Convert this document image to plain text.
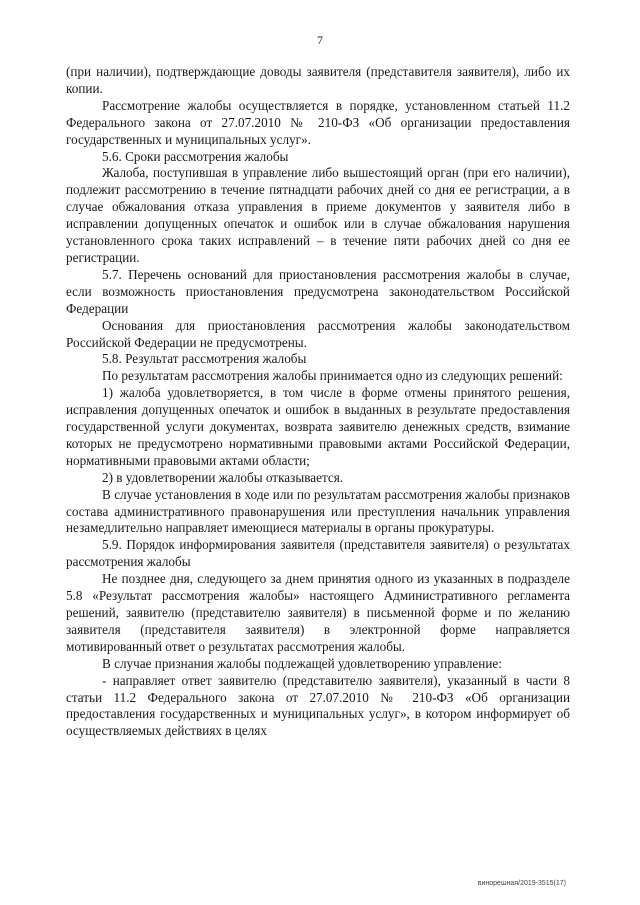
7

(при наличии), подтверждающие доводы заявителя (представителя заявителя), либо их копии.

Рассмотрение жалобы осуществляется в порядке, установленном статьей 11.2 Федерального закона от 27.07.2010 № 210-ФЗ «Об организации предоставления государственных и муниципальных услуг».

5.6. Сроки рассмотрения жалобы

Жалоба, поступившая в управление либо вышестоящий орган (при его наличии), подлежит рассмотрению в течение пятнадцати рабочих дней со дня ее регистрации, а в случае обжалования отказа управления в приеме документов у заявителя либо в исправлении допущенных опечаток и ошибок или в случае обжалования нарушения установленного срока таких исправлений – в течение пяти рабочих дней со дня ее регистрации.

5.7. Перечень оснований для приостановления рассмотрения жалобы в случае, если возможность приостановления предусмотрена законодательством Российской Федерации

Основания для приостановления рассмотрения жалобы законодательством Российской Федерации не предусмотрены.

5.8. Результат рассмотрения жалобы

По результатам рассмотрения жалобы принимается одно из следующих решений:

1) жалоба удовлетворяется, в том числе в форме отмены принятого решения, исправления допущенных опечаток и ошибок в выданных в результате предоставления государственной услуги документах, возврата заявителю денежных средств, взимание которых не предусмотрено нормативными правовыми актами Российской Федерации, нормативными правовыми актами области;

2) в удовлетворении жалобы отказывается.

В случае установления в ходе или по результатам рассмотрения жалобы признаков состава административного правонарушения или преступления начальник управления незамедлительно направляет имеющиеся материалы в органы прокуратуры.

5.9. Порядок информирования заявителя (представителя заявителя) о результатах рассмотрения жалобы

Не позднее дня, следующего за днем принятия одного из указанных в подразделе 5.8 «Результат рассмотрения жалобы» настоящего Административного регламента решений, заявителю (представителю заявителя) в письменной форме и по желанию заявителя (представителя заявителя) в электронной форме направляется мотивированный ответ о результатах рассмотрения жалобы.

В случае признания жалобы подлежащей удовлетворению управление:

- направляет ответ заявителю (представителю заявителя), указанный в части 8 статьи 11.2 Федерального закона от 27.07.2010 № 210-ФЗ «Об организации предоставления государственных и муниципальных услуг», в котором информирует об осуществляемых действиях в целях

винорешная/2019-3515(17)
